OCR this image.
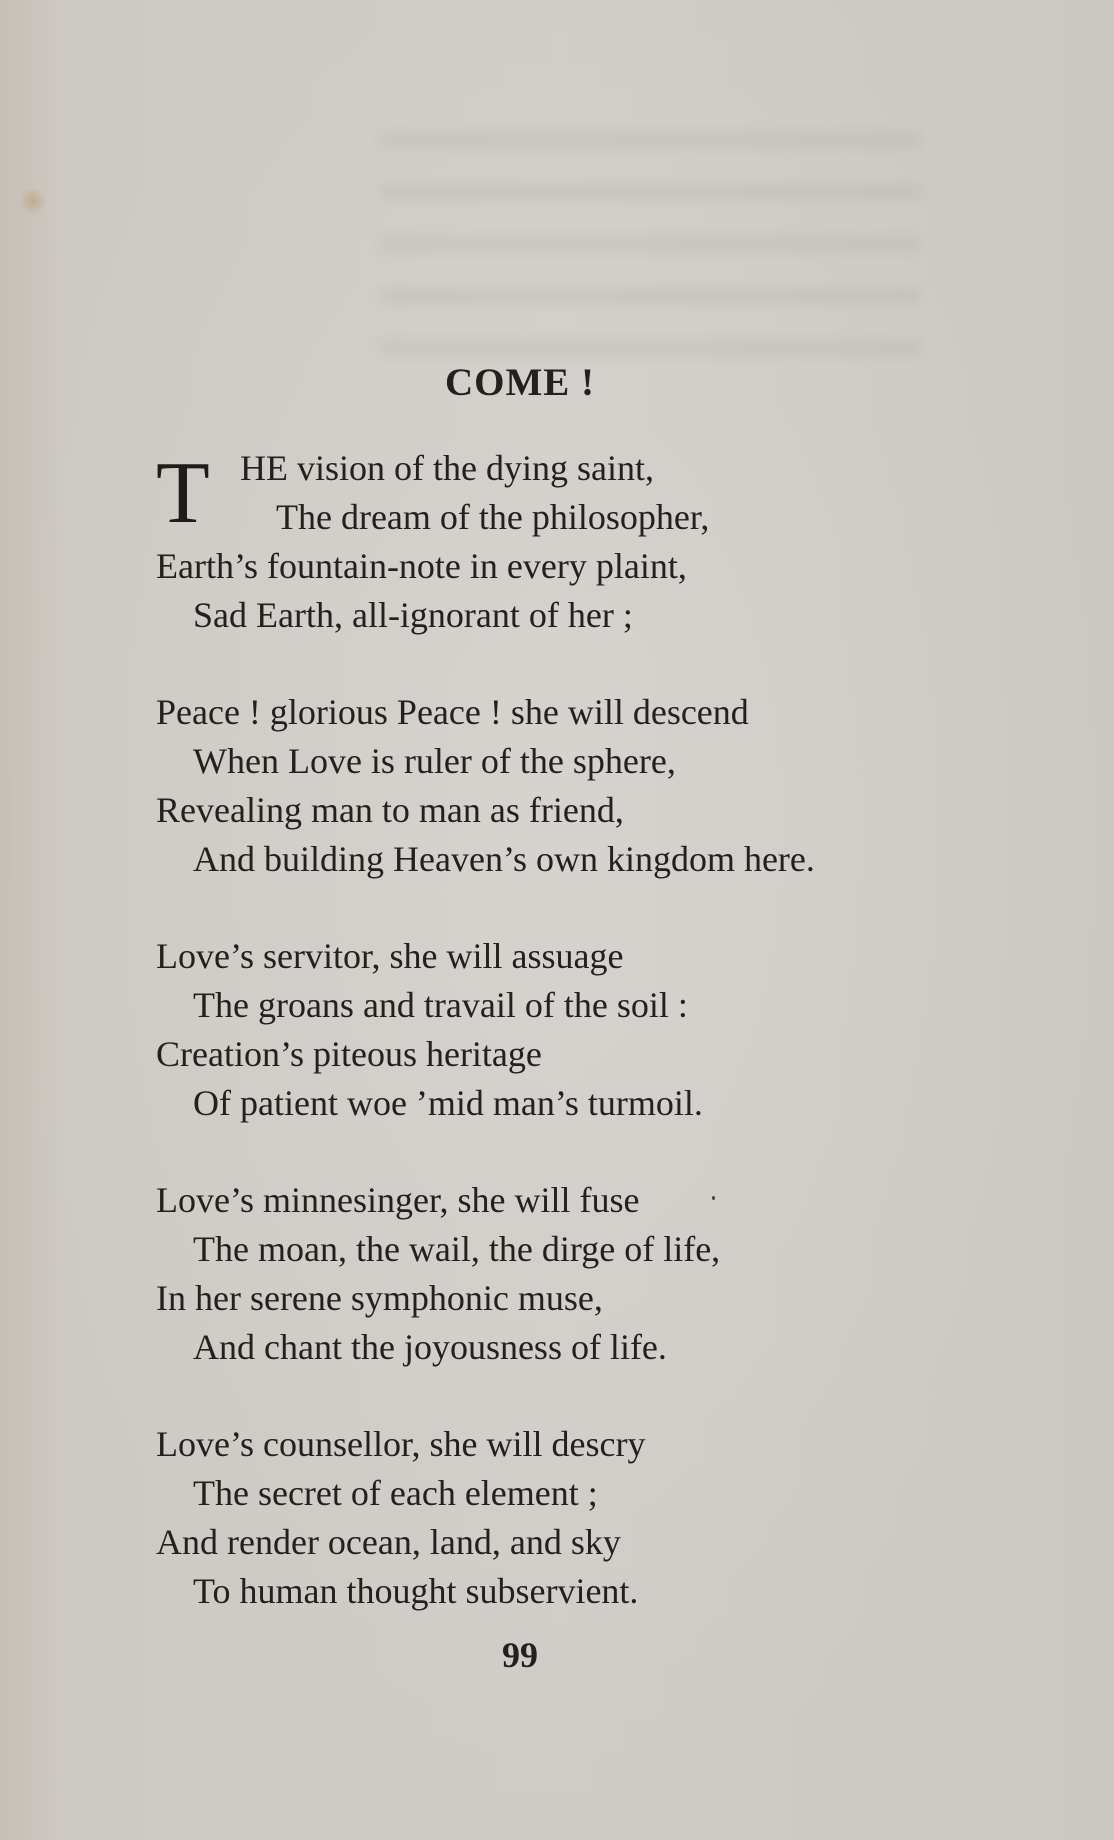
COME !
T HE vision of the dying saint,
The dream of the philosopher,
Earth’s fountain-note in every plaint,
Sad Earth, all-ignorant of her ;
Peace ! glorious Peace ! she will descend
When Love is ruler of the sphere,
Revealing man to man as friend,
And building Heaven’s own kingdom here.
Love’s servitor, she will assuage
The groans and travail of the soil :
Creation’s piteous heritage
Of patient woe ’mid man’s turmoil.
Love’s minnesinger, she will fuse
The moan, the wail, the dirge of life,
In her serene symphonic muse,
And chant the joyousness of life.
Love’s counsellor, she will descry
The secret of each element ;
And render ocean, land, and sky
To human thought subservient.
99
